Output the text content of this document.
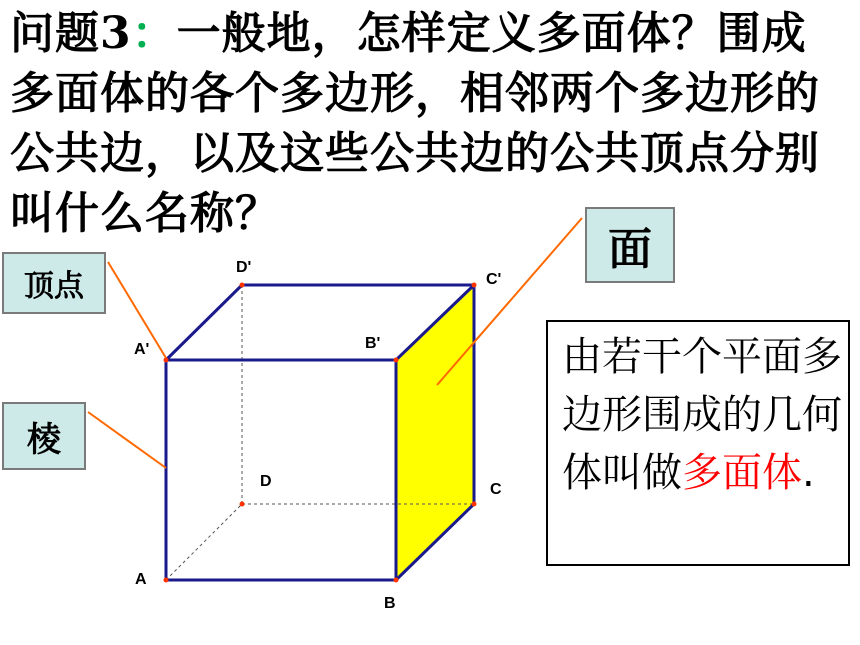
问题3：一般地，怎样定义多面体？围成多面体的各个多边形，相邻两个多边形的公共边，以及这些公共边的公共顶点分别叫什么名称？
D'
C'
A'	B'
D	C
A
B
顶点
棱
面
由若干个平面多边形围成的几何体叫做多面体.
